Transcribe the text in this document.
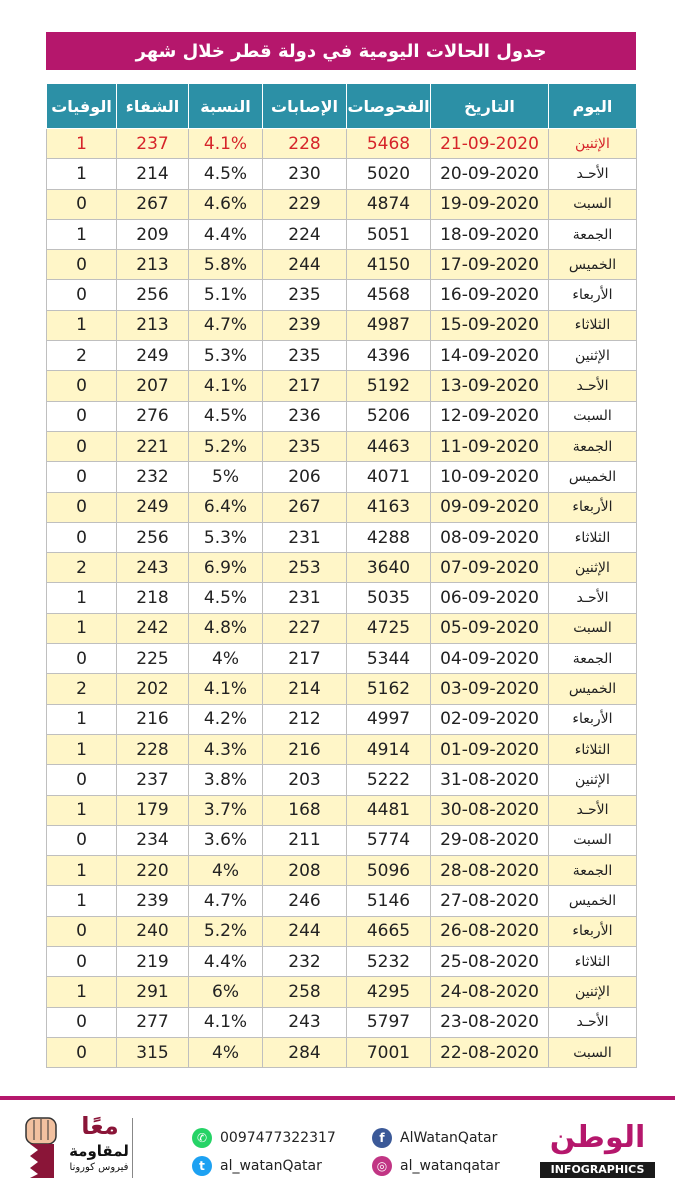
جدول الحالات اليومية في دولة قطر خلال شهر
اليوم	التاريخ	الفحوصات	الإصابات	النسبة	الشفاء	الوفيات
الإثنين	21-09-2020	5468	228	4.1%	237	1
الأحـد	20-09-2020	5020	230	4.5%	214	1
السبت	19-09-2020	4874	229	4.6%	267	0
الجمعة	18-09-2020	5051	224	4.4%	209	1
الخميس	17-09-2020	4150	244	5.8%	213	0
الأربعاء	16-09-2020	4568	235	5.1%	256	0
الثلاثاء	15-09-2020	4987	239	4.7%	213	1
الإثنين	14-09-2020	4396	235	5.3%	249	2
الأحـد	13-09-2020	5192	217	4.1%	207	0
السبت	12-09-2020	5206	236	4.5%	276	0
الجمعة	11-09-2020	4463	235	5.2%	221	0
الخميس	10-09-2020	4071	206	5%	232	0
الأربعاء	09-09-2020	4163	267	6.4%	249	0
الثلاثاء	08-09-2020	4288	231	5.3%	256	0
الإثنين	07-09-2020	3640	253	6.9%	243	2
الأحـد	06-09-2020	5035	231	4.5%	218	1
السبت	05-09-2020	4725	227	4.8%	242	1
الجمعة	04-09-2020	5344	217	4%	225	0
الخميس	03-09-2020	5162	214	4.1%	202	2
الأربعاء	02-09-2020	4997	212	4.2%	216	1
الثلاثاء	01-09-2020	4914	216	4.3%	228	1
الإثنين	31-08-2020	5222	203	3.8%	237	0
الأحـد	30-08-2020	4481	168	3.7%	179	1
السبت	29-08-2020	5774	211	3.6%	234	0
الجمعة	28-08-2020	5096	208	4%	220	1
الخميس	27-08-2020	5146	246	4.7%	239	1
الأربعاء	26-08-2020	4665	244	5.2%	240	0
الثلاثاء	25-08-2020	5232	232	4.4%	219	0
الإثنين	24-08-2020	4295	258	6%	291	1
الأحـد	23-08-2020	5797	243	4.1%	277	0
السبت	22-08-2020	7001	284	4%	315	0
الوطن
INFOGRAPHICS
f	AlWatanQatar
◎ al_watanqatar
✆ 0097477322317
t	al_watanQatar
معًا
لمقاومة
فيروس كورونا
